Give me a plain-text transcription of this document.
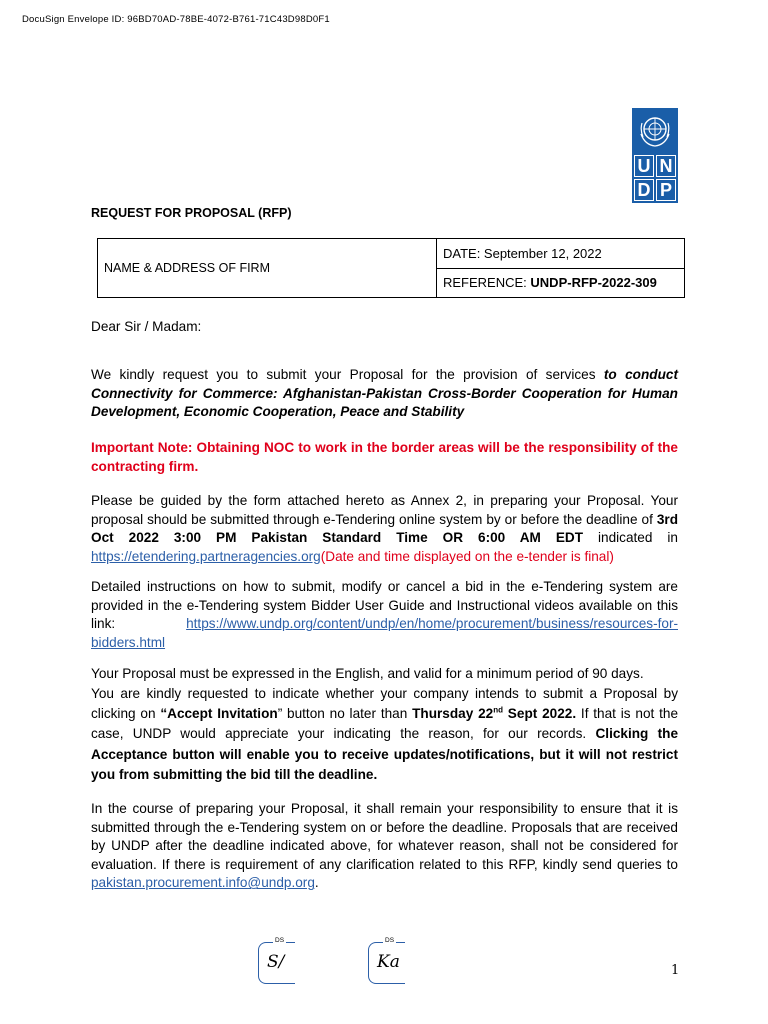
DocuSign Envelope ID: 96BD70AD-78BE-4072-B761-71C43D98D0F1
U N
D P
REQUEST FOR PROPOSAL (RFP)
NAME & ADDRESS OF FIRM	DATE: September 12, 2022
REFERENCE: UNDP-RFP-2022-309
Dear Sir / Madam:
We kindly request you to submit your Proposal for the provision of services to conduct Connectivity for Commerce: Afghanistan-Pakistan Cross-Border Cooperation for Human Development, Economic Cooperation, Peace and Stability
Important Note: Obtaining NOC to work in the border areas will be the responsibility of the contracting firm.
Please be guided by the form attached hereto as Annex 2, in preparing your Proposal. Your proposal should be submitted through e-Tendering online system by or before the deadline of 3rd Oct 2022 3:00 PM Pakistan Standard Time OR 6:00 AM EDT indicated in https://etendering.partneragencies.org(Date and time displayed on the e-tender is final)
Detailed instructions on how to submit, modify or cancel a bid in the e-Tendering system are provided in the e-Tendering system Bidder User Guide and Instructional videos available on this link: https://www.undp.org/content/undp/en/home/procurement/business/resources-for-bidders.html
Your Proposal must be expressed in the English, and valid for a minimum period of 90 days.
You are kindly requested to indicate whether your company intends to submit a Proposal by clicking on “Accept Invitation” button no later than Thursday 22nd Sept 2022. If that is not the case, UNDP would appreciate your indicating the reason, for our records. Clicking the Acceptance button will enable you to receive updates/notifications, but it will not restrict you from submitting the bid till the deadline.
In the course of preparing your Proposal, it shall remain your responsibility to ensure that it is submitted through the e-Tendering system on or before the deadline. Proposals that are received by UNDP after the deadline indicated above, for whatever reason, shall not be considered for evaluation. If there is requirement of any clarification related to this RFP, kindly send queries to pakistan.procurement.info@undp.org.
DS
S/
DS
Ka	1
